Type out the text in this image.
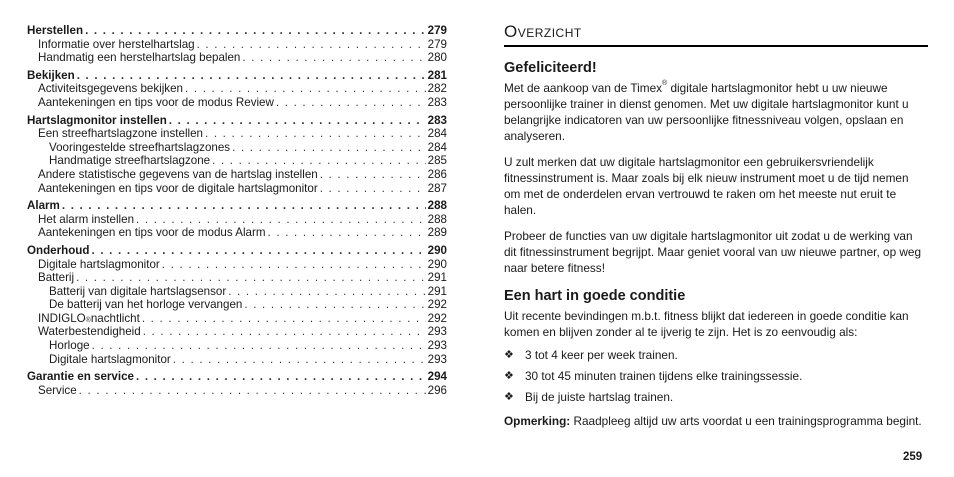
Herstellen . . .	279
Informatie over herstelhartslag . . .	279
Handmatig een herstelhartslag bepalen . . .	280
Bekijken . . .	281
Activiteitsgegevens bekijken . . .	282
Aantekeningen en tips voor de modus Review . . .	283
Hartslagmonitor instellen . . .	283
Een streefhartslagzone instellen . . .	284
Vooringestelde streefhartslagzones . . .	284
Handmatige streefhartslagzone . . .	285
Andere statistische gegevens van de hartslag instellen . . .	286
Aantekeningen en tips voor de digitale hartslagmonitor . . .	287
Alarm . . .	288
Het alarm instellen . . .	288
Aantekeningen en tips voor de modus Alarm . . .	289
Onderhoud . . .	290
Digitale hartslagmonitor . . .	290
Batterij . . .	291
Batterij van digitale hartslagsensor . . .	291
De batterij van het horloge vervangen . . .	292
INDIGLO ® nachtlicht . . .	292
Waterbestendigheid . . .	293
Horloge . . .	293
Digitale hartslagmonitor . . .	293
Garantie en service . . .	294
Service . . .	296
Overzicht
Gefeliciteerd!

Met de aankoop van de Timex® digitale hartslagmonitor hebt u uw nieuwe persoonlijke trainer in dienst genomen. Met uw digitale hartslagmonitor kunt u belangrijke indicatoren van uw persoonlijke fitnessniveau volgen, opslaan en analyseren.

U zult merken dat uw digitale hartslagmonitor een gebruikersvriendelijk fitnessinstrument is. Maar zoals bij elk nieuw instrument moet u de tijd nemen om met de onderdelen ervan vertrouwd te raken om het meeste nut eruit te halen.

Probeer de functies van uw digitale hartslagmonitor uit zodat u de werking van dit fitnessinstrument begrijpt. Maar geniet vooral van uw nieuwe partner, op weg naar betere fitness!

Een hart in goede conditie

Uit recente bevindingen m.b.t. fitness blijkt dat iedereen in goede conditie kan komen en blijven zonder al te ijverig te zijn. Het is zo eenvoudig als:

❖ 3 tot 4 keer per week trainen.
❖ 30 tot 45 minuten trainen tijdens elke trainingssessie.
❖ Bij de juiste hartslag trainen.

Opmerking: Raadpleeg altijd uw arts voordat u een trainingsprogramma begint.

259
